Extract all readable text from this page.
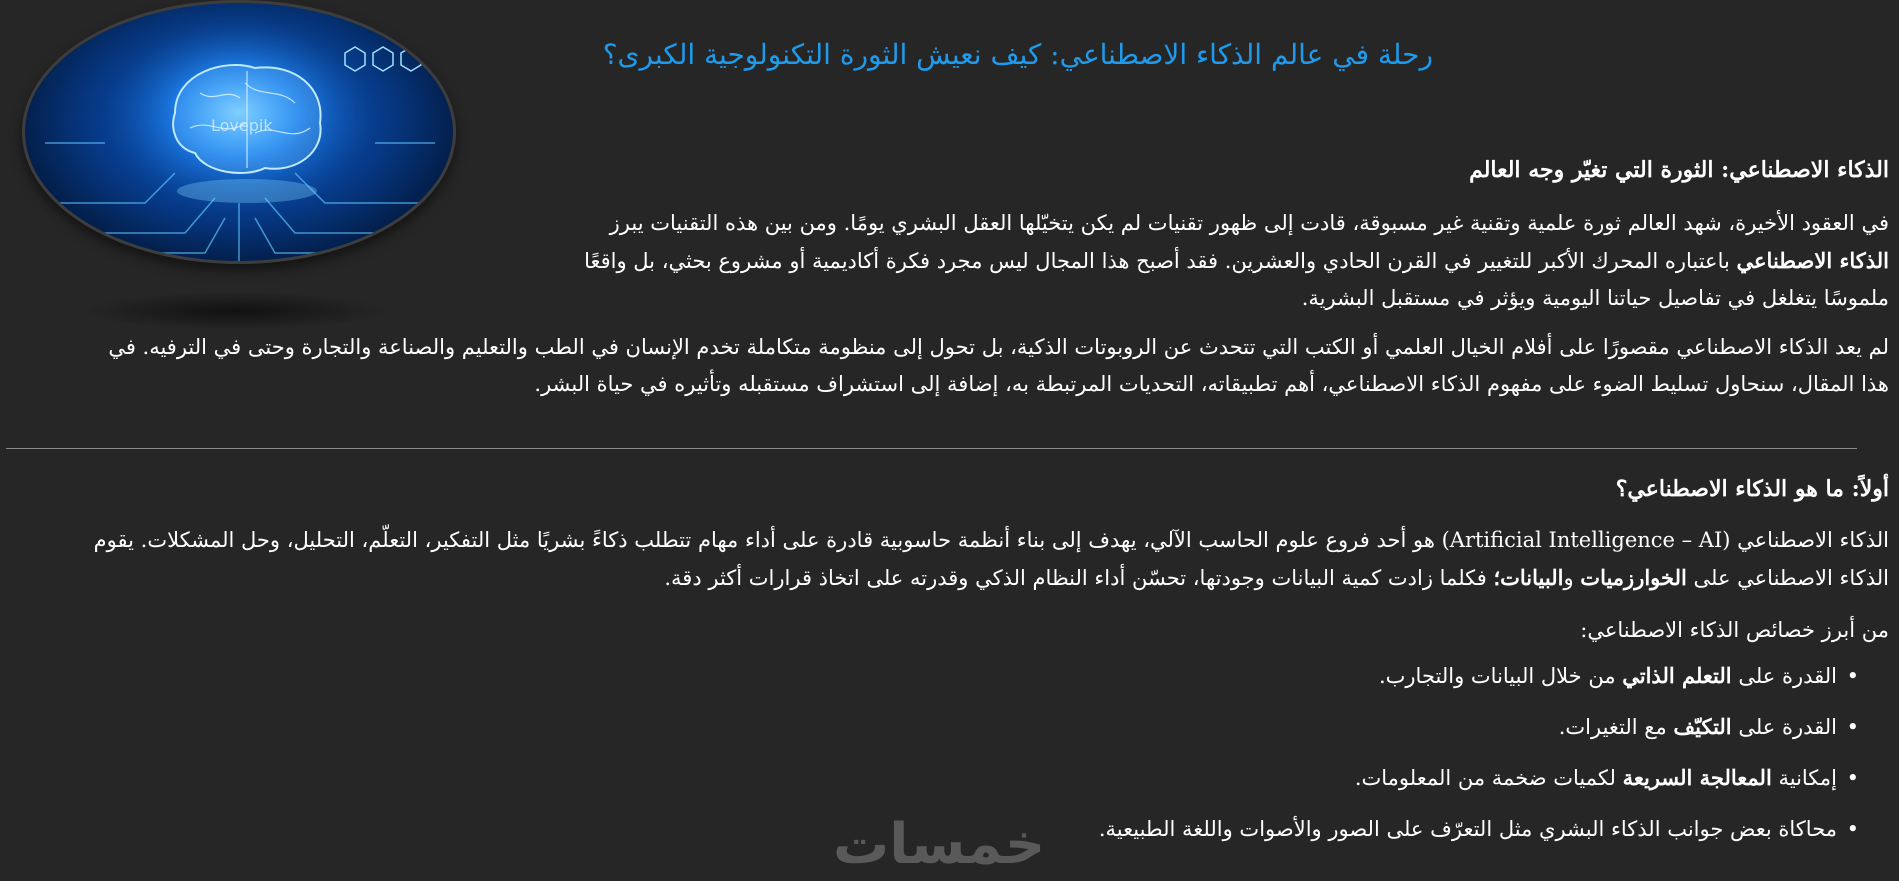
Lovepik
رحلة في عالم الذكاء الاصطناعي: كيف نعيش الثورة التكنولوجية الكبرى؟
الذكاء الاصطناعي: الثورة التي تغيّر وجه العالم

في العقود الأخيرة، شهد العالم ثورة علمية وتقنية غير مسبوقة، قادت إلى ظهور تقنيات لم يكن يتخيّلها العقل البشري يومًا. ومن بين هذه التقنيات يبرز الذكاء الاصطناعي باعتباره المحرك الأكبر للتغيير في القرن الحادي والعشرين. فقد أصبح هذا المجال ليس مجرد فكرة أكاديمية أو مشروع بحثي، بل واقعًا ملموسًا يتغلغل في تفاصيل حياتنا اليومية ويؤثر في مستقبل البشرية.

لم يعد الذكاء الاصطناعي مقصورًا على أفلام الخيال العلمي أو الكتب التي تتحدث عن الروبوتات الذكية، بل تحول إلى منظومة متكاملة تخدم الإنسان في الطب والتعليم والصناعة والتجارة وحتى في الترفيه. في هذا المقال، سنحاول تسليط الضوء على مفهوم الذكاء الاصطناعي، أهم تطبيقاته، التحديات المرتبطة به، إضافة إلى استشراف مستقبله وتأثيره في حياة البشر.

أولاً: ما هو الذكاء الاصطناعي؟

الذكاء الاصطناعي (Artificial Intelligence – AI) هو أحد فروع علوم الحاسب الآلي، يهدف إلى بناء أنظمة حاسوبية قادرة على أداء مهام تتطلب ذكاءً بشريًا مثل التفكير، التعلّم، التحليل، وحل المشكلات. يقوم الذكاء الاصطناعي على الخوارزميات والبيانات؛ فكلما زادت كمية البيانات وجودتها، تحسّن أداء النظام الذكي وقدرته على اتخاذ قرارات أكثر دقة.

من أبرز خصائص الذكاء الاصطناعي:

• القدرة على التعلم الذاتي من خلال البيانات والتجارب.
• القدرة على التكيّف مع التغيرات.
• إمكانية المعالجة السريعة لكميات ضخمة من المعلومات.
• محاكاة بعض جوانب الذكاء البشري مثل التعرّف على الصور والأصوات واللغة الطبيعية.
خمسات
